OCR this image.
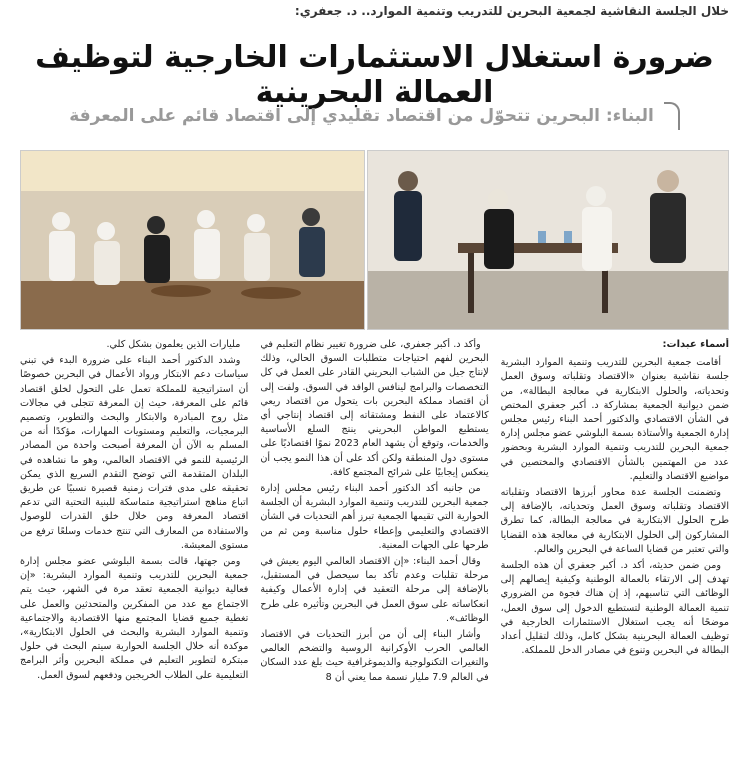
خلال الجلسة النقاشية لجمعية البحرين للتدريب وتنمية الموارد.. د. جعفري:
ضرورة استغلال الاستثمارات الخارجية لتوظيف العمالة البحرينية
البناء: البحرين تتحوّل من اقتصاد تقليدي إلى اقتصاد قائم على المعرفة
أسماء عبدات:

أقامت جمعية البحرين للتدريب وتنمية الموارد البشرية جلسة نقاشية بعنوان «الاقتصاد وتقلباته وسوق العمل وتحدياته، والحلول الابتكارية في معالجة البطالة»، من ضمن ديوانية الجمعية بمشاركة د. أكبر جعفري المختص في الشأن الاقتصادي والدكتور أحمد البناء رئيس مجلس إدارة الجمعية والأستاذة بسمة البلوشي عضو مجلس إدارة جمعية البحرين للتدريب وتنمية الموارد البشرية وبحضور عدد من المهتمين بالشأن الاقتصادي والمختصين في مواضيع الاقتصاد والتعليم.

وتضمنت الجلسة عدة محاور أبرزها الاقتصاد وتقلباته الاقتصاد وتقلباته وسوق العمل وتحدياته، بالإضافة إلى طرح الحلول الابتكارية في معالجة البطالة، كما تطرق المشاركون إلى الحلول الابتكارية في معالجة هذه القضايا والتي تعتبر من قضايا الساعة في البحرين والعالم.

ومن ضمن حديثه، أكد د. أكبر جعفري أن هذه الجلسة تهدف إلى الارتقاء بالعمالة الوطنية وكيفية إيصالهم إلى الوظائف التي تناسبهم، إذ إن هناك فجوة من الضروري تنمية العمالة الوطنية لتستطيع الدخول إلى سوق العمل، موضحًا أنه يجب استغلال الاستثمارات الخارجية في توظيف العمالة البحرينية بشكل كامل، وذلك لتقليل أعداد البطالة في البحرين وتنوع في مصادر الدخل للمملكة.

وأكد د. أكبر جعفري، على ضرورة تغيير نظام التعليم في البحرين لفهم احتياجات متطلبات السوق الحالي، وذلك لإنتاج جيل من الشباب البحريني القادر على العمل في كل التخصصات والبرامج لينافس الوافد في السوق. ولفت إلى أن اقتصاد مملكة البحرين بات يتحول من اقتصاد ريعي كالاعتماد على النفط ومشتقاته إلى اقتصاد إنتاجي أي يستطيع المواطن البحريني ينتج السلع الأساسية والخدمات، وتوقع أن يشهد العام 2023 نموًا اقتصاديًا على مستوى دول المنطقة ولكن أكد على أن هذا النمو يجب أن ينعكس إيجابيًا على شرائح المجتمع كافة.

من جانبه أكد الدكتور أحمد البناء رئيس مجلس إدارة جمعية البحرين للتدريب وتنمية الموارد البشرية أن الجلسة الحوارية التي تقيمها الجمعية تبرز أهم التحديات في الشأن الاقتصادي والتعليمي وإعطاء حلول مناسبة ومن ثم من طرحها على الجهات المعنية.

وقال أحمد البناء: «إن الاقتصاد العالمي اليوم يعيش في مرحلة تقلبات وعدم تأكد بما سيحصل في المستقبل، بالإضافة إلى مرحلة التعقيد في إدارة الأعمال وكيفية انعكاساته على سوق العمل في البحرين وتأثيره على طرح الوظائف».

وأشار البناء إلى أن من أبرز التحديات في الاقتصاد العالمي الحرب الأوكرانية الروسية والتضخم العالمي والتغيرات التكنولوجية والديموغرافية حيث بلغ عدد السكان في العالم 7.9 مليار نسمة مما يعني أن 8

مليارات الذين يعلمون بشكل كلي.

وشدد الدكتور أحمد البناء على ضرورة البدء في تبني سياسات دعم الابتكار ورواد الأعمال في البحرين خصوصًا أن استراتيجية للمملكة تعمل على التحول لخلق اقتصاد قائم على المعرفة، حيث إن المعرفة تتجلى في مجالات مثل روح المبادرة والابتكار والبحث والتطوير، وتصميم البرمجيات، والتعليم ومستويات المهارات، مؤكدًا أنه من المسلم به الآن أن المعرفة أصبحت واحدة من المصادر الرئيسية للنمو في الاقتصاد العالمي، وهو ما نشاهده في البلدان المتقدمة التي توضح التقدم السريع الذي يمكن تحقيقه على مدى فترات زمنية قصيرة نسبيًا عن طريق اتباع مناهج استراتيجية متماسكة للبنية التحتية التي تدعم اقتصاد المعرفة ومن خلال خلق القدرات للوصول والاستفادة من المعارف التي تنتج خدمات وسلعًا ترفع من مستوى المعيشة.

ومن جهتها، قالت بسمة البلوشي عضو مجلس إدارة جمعية البحرين للتدريب وتنمية الموارد البشرية: «إن فعالية ديوانية الجمعية تعقد مرة في الشهر، حيث يتم الاجتماع مع عدد من المفكرين والمتحدثين والعمل على تغطية جميع قضايا المجتمع منها الاقتصادية والاجتماعية وتنمية الموارد البشرية والبحث في الحلول الابتكارية»، موكدة أنه خلال الجلسة الحوارية سيتم البحث في حلول مبتكرة لتطوير التعليم في مملكة البحرين وأثر البرامج التعليمية على الطلاب الخريجين ودفعهم لسوق العمل.
